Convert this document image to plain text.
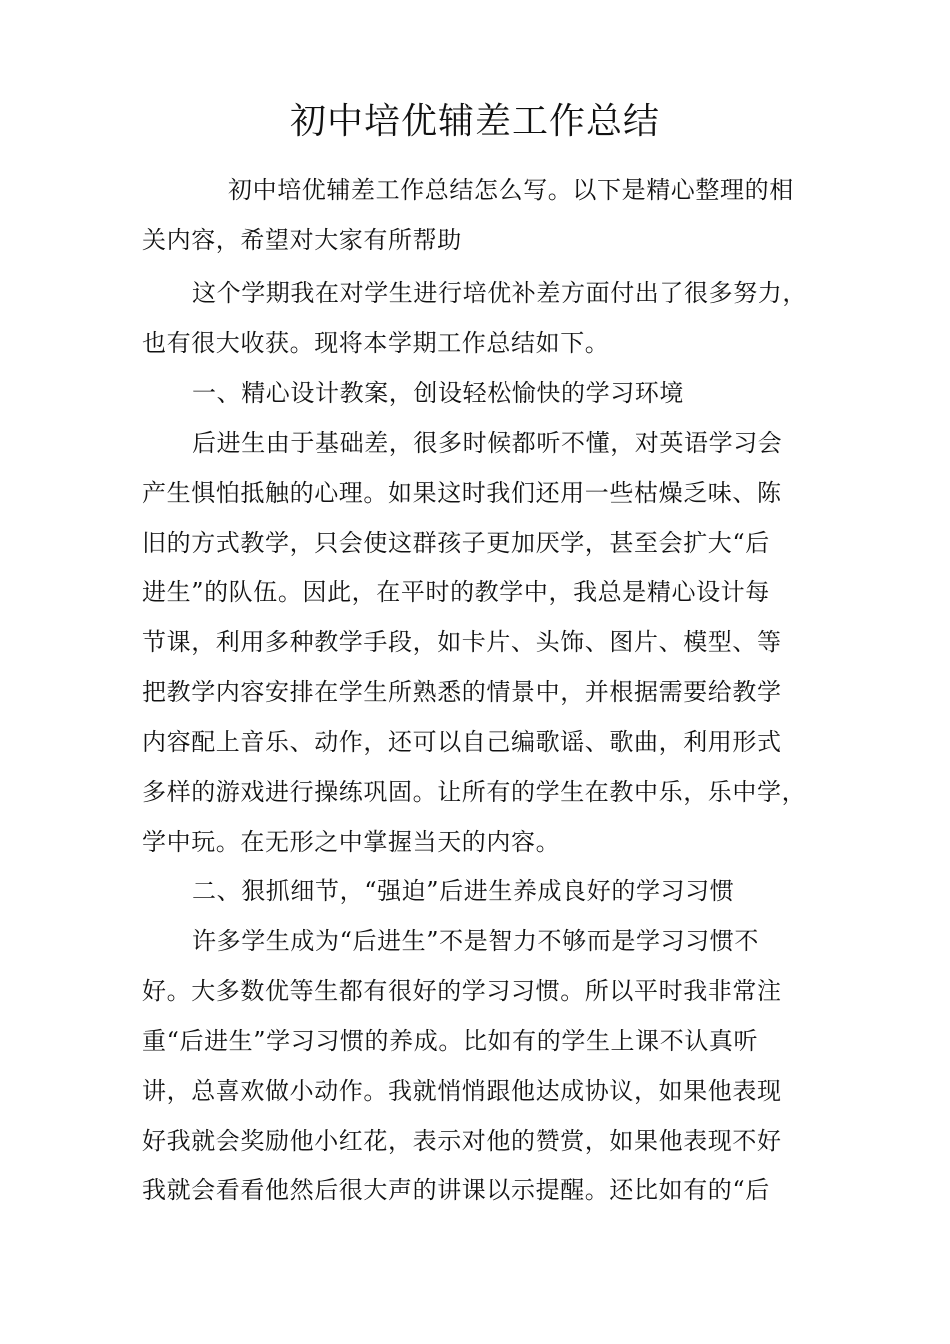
初中培优辅差工作总结
初中培优辅差工作总结怎么写。以下是精心整理的相
关内容，希望对大家有所帮助
这个学期我在对学生进行培优补差方面付出了很多努力，
也有很大收获。现将本学期工作总结如下。
一、精心设计教案，创设轻松愉快的学习环境
后进生由于基础差，很多时候都听不懂，对英语学习会
产生惧怕抵触的心理。如果这时我们还用一些枯燥乏味、陈
旧的方式教学，只会使这群孩子更加厌学，甚至会扩大“后
进生”的队伍。因此，在平时的教学中，我总是精心设计每
节课，利用多种教学手段，如卡片、头饰、图片、模型、等
把教学内容安排在学生所熟悉的情景中，并根据需要给教学
内容配上音乐、动作，还可以自己编歌谣、歌曲，利用形式
多样的游戏进行操练巩固。让所有的学生在教中乐，乐中学，
学中玩。在无形之中掌握当天的内容。
二、狠抓细节，“强迫”后进生养成良好的学习习惯
许多学生成为“后进生”不是智力不够而是学习习惯不
好。大多数优等生都有很好的学习习惯。所以平时我非常注
重“后进生”学习习惯的养成。比如有的学生上课不认真听
讲，总喜欢做小动作。我就悄悄跟他达成协议，如果他表现
好我就会奖励他小红花，表示对他的赞赏，如果他表现不好
我就会看看他然后很大声的讲课以示提醒。还比如有的“后
